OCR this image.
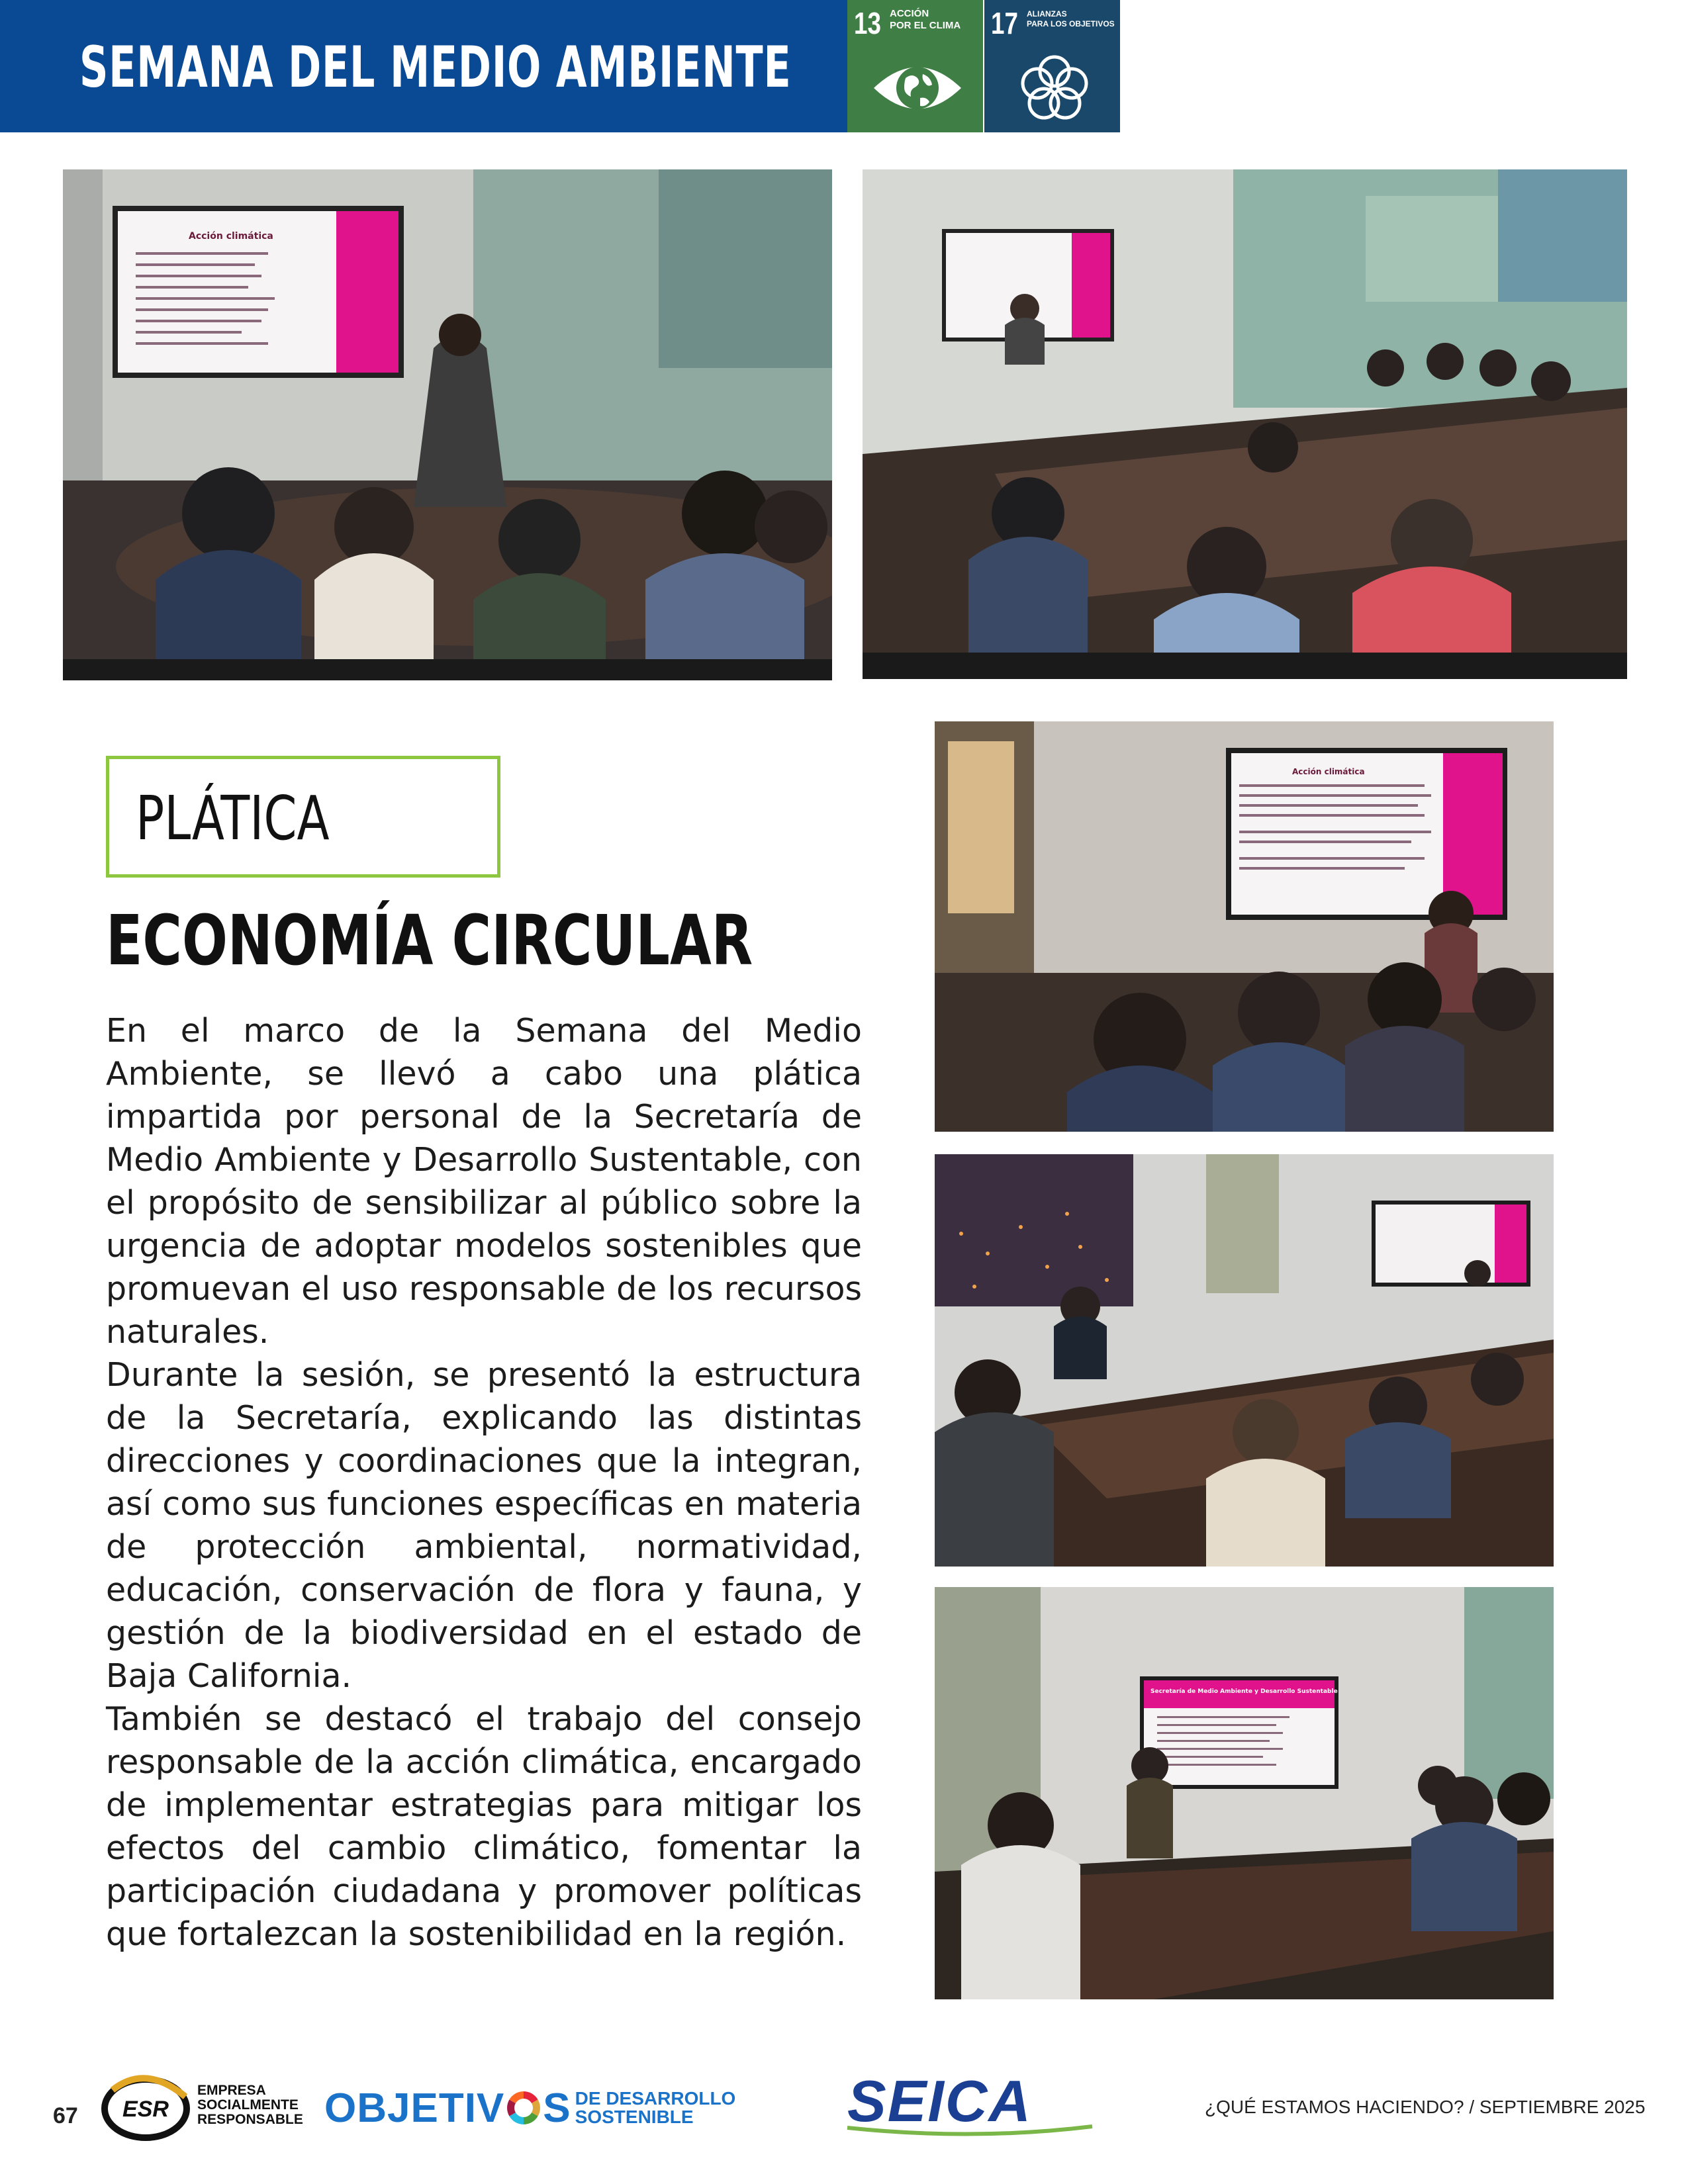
SEMANA DEL MEDIO AMBIENTE
13 ACCIÓN
POR EL CLIMA 17 ALIANZAS
PARA LOS OBJETIVOS
Acción climática
Acción climática
Secretaría de Medio Ambiente y Desarrollo Sustentable
PLÁTICA
ECONOMÍA CIRCULAR

En el marco de la Semana del Medio Ambiente, se llevó a cabo una plática impartida por personal de la Secretaría de Medio Ambiente y Desarrollo Sustentable, con el propósito de sensibilizar al público sobre la urgencia de adoptar modelos sostenibles que promuevan el uso responsable de los recursos naturales.

Durante la sesión, se presentó la estructura de la Secretaría, explicando las distintas direcciones y coordinaciones que la integran, así como sus funciones específicas en materia de protección ambiental, normatividad, educación, conservación de flora y fauna, y gestión de la biodiversidad en el estado de Baja California.

También se destacó el trabajo del consejo responsable de la acción climática, encargado de implementar estrategias para mitigar los efectos del cambio climático, fomentar la participación ciudadana y promover políticas que fortalezcan la sostenibilidad en la región.

67 ESR
EMPRESA
SOCIALMENTE
RESPONSABLE OBJETIV S DE DESARROLLO
SOSTENIBLE	SEICA	¿QUÉ ESTAMOS HACIENDO? / SEPTIEMBRE 2025
